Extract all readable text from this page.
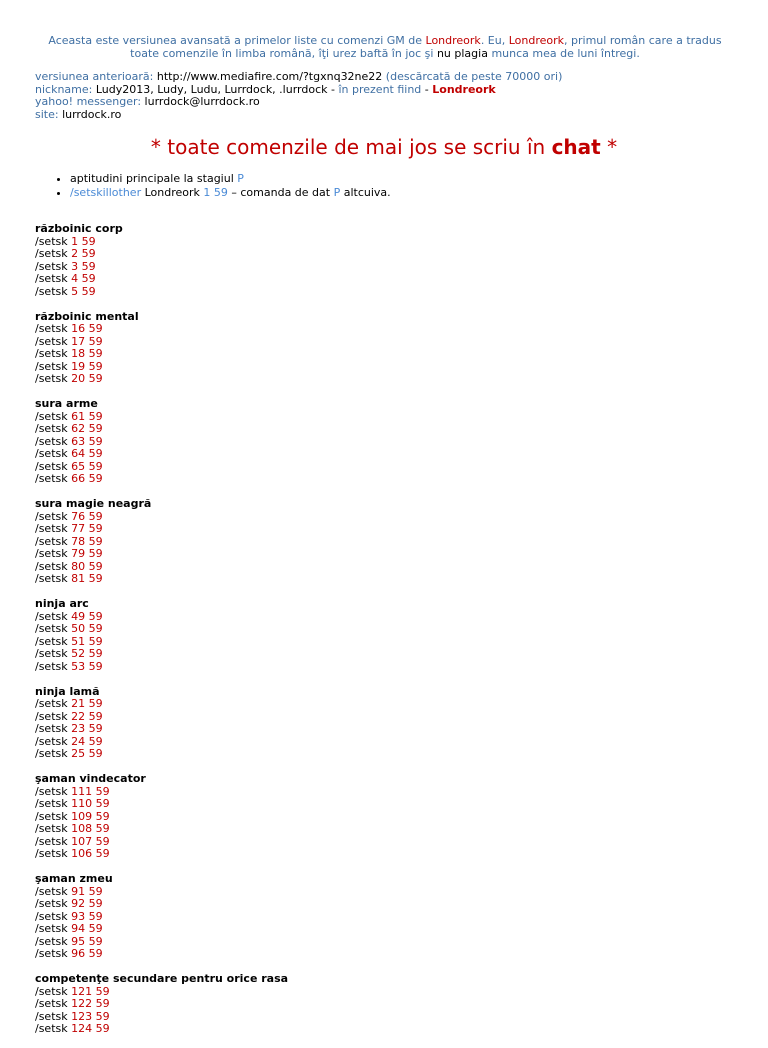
Aceasta este versiunea avansată a primelor liste cu comenzi GM de Londreork. Eu, Londreork, primul român care a tradus toate comenzile în limba română, îţi urez baftă în joc şi nu plagia munca mea de luni întregi.
versiunea anterioară: http://www.mediafire.com/?tgxnq32ne22 (descărcată de peste 70000 ori)
nickname: Ludy2013, Ludy, Ludu, Lurrdock, .lurrdock - în prezent fiind - Londreork
yahoo! messenger: lurrdock@lurrdock.ro
site: lurrdock.ro
* toate comenzile de mai jos se scriu în chat *
• aptitudini principale la stagiul P
• /setskillother Londreork 1 59 – comanda de dat P altcuiva.
războinic corp
/setsk 1 59
/setsk 2 59
/setsk 3 59
/setsk 4 59
/setsk 5 59
războinic mental
/setsk 16 59
/setsk 17 59
/setsk 18 59
/setsk 19 59
/setsk 20 59
sura arme
/setsk 61 59
/setsk 62 59
/setsk 63 59
/setsk 64 59
/setsk 65 59
/setsk 66 59
sura magie neagră
/setsk 76 59
/setsk 77 59
/setsk 78 59
/setsk 79 59
/setsk 80 59
/setsk 81 59
ninja arc
/setsk 49 59
/setsk 50 59
/setsk 51 59
/setsk 52 59
/setsk 53 59
ninja lamă
/setsk 21 59
/setsk 22 59
/setsk 23 59
/setsk 24 59
/setsk 25 59
şaman vindecator
/setsk 111 59
/setsk 110 59
/setsk 109 59
/setsk 108 59
/setsk 107 59
/setsk 106 59
şaman zmeu
/setsk 91 59
/setsk 92 59
/setsk 93 59
/setsk 94 59
/setsk 95 59
/setsk 96 59
competenţe secundare pentru orice rasa
/setsk 121 59
/setsk 122 59
/setsk 123 59
/setsk 124 59
